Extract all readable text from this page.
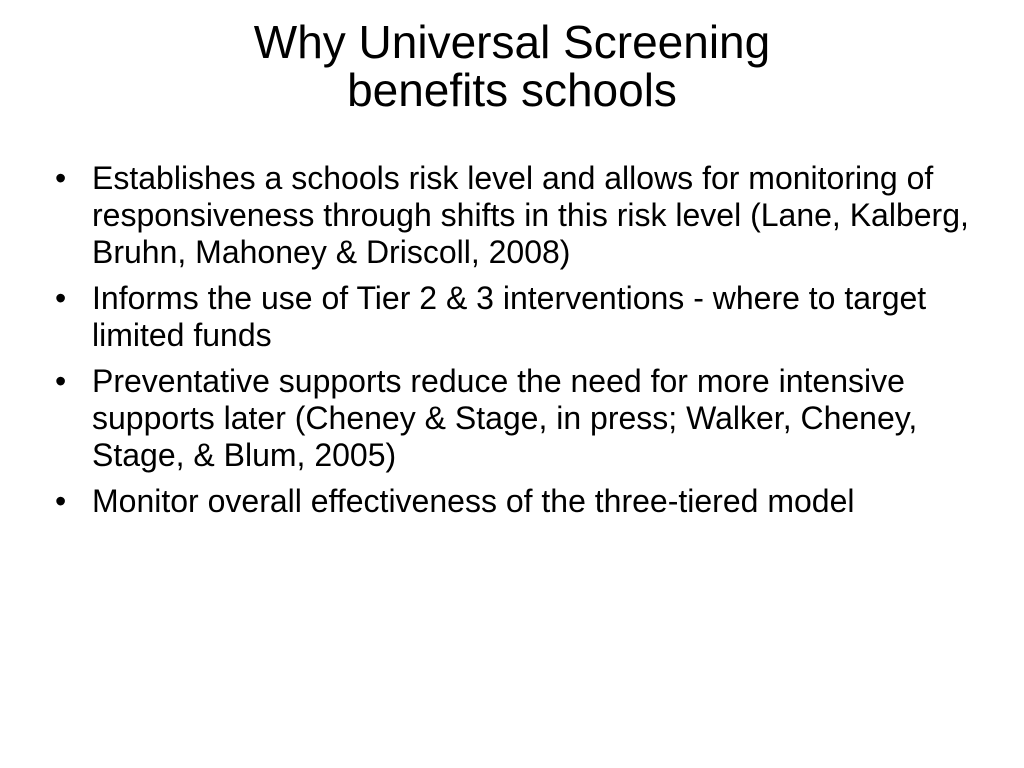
Why Universal Screening
benefits schools
• Establishes a schools risk level and allows for monitoring of responsiveness through shifts in this risk level (Lane, Kalberg, Bruhn, Mahoney & Driscoll, 2008)
• Informs the use of Tier 2 & 3 interventions - where to target limited funds
• Preventative supports reduce the need for more intensive supports later (Cheney & Stage, in press; Walker, Cheney, Stage, & Blum, 2005)
• Monitor overall effectiveness of the three-tiered model
